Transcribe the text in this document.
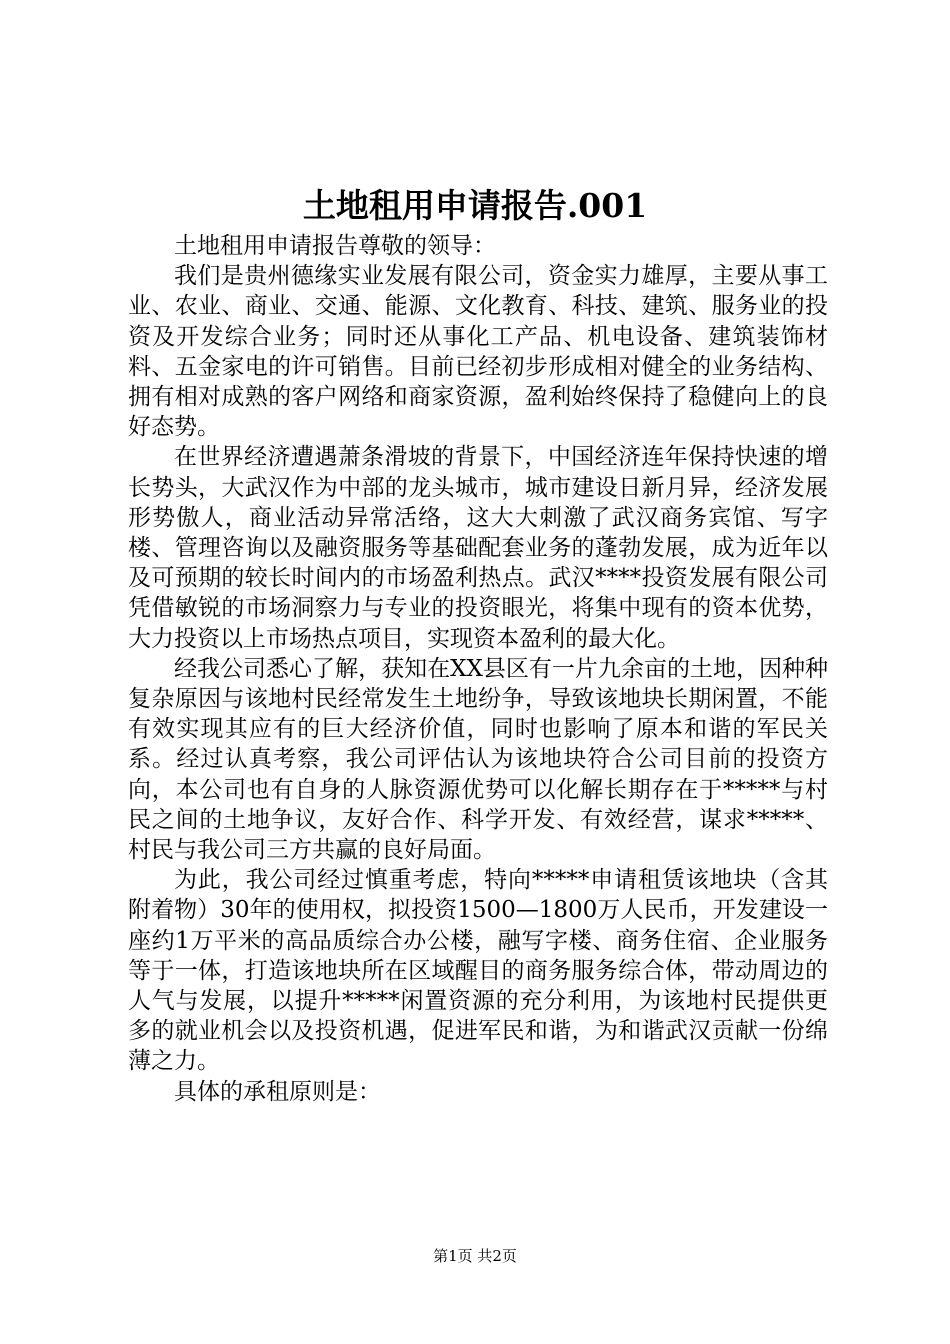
土地租用申请报告.001

土地租用申请报告尊敬的领导：

我们是贵州德缘实业发展有限公司，资金实力雄厚，主要从事工业、农业、商业、交通、能源、文化教育、科技、建筑、服务业的投资及开发综合业务；同时还从事化工产品、机电设备、建筑装饰材料、五金家电的许可销售。目前已经初步形成相对健全的业务结构、拥有相对成熟的客户网络和商家资源，盈利始终保持了稳健向上的良好态势。

在世界经济遭遇萧条滑坡的背景下，中国经济连年保持快速的增长势头，大武汉作为中部的龙头城市，城市建设日新月异，经济发展形势傲人，商业活动异常活络，这大大刺激了武汉商务宾馆、写字楼、管理咨询以及融资服务等基础配套业务的蓬勃发展，成为近年以及可预期的较长时间内的市场盈利热点。武汉****投资发展有限公司凭借敏锐的市场洞察力与专业的投资眼光，将集中现有的资本优势，大力投资以上市场热点项目，实现资本盈利的最大化。

经我公司悉心了解，获知在XX县区有一片九余亩的土地，因种种复杂原因与该地村民经常发生土地纷争，导致该地块长期闲置，不能有效实现其应有的巨大经济价值，同时也影响了原本和谐的军民关系。经过认真考察，我公司评估认为该地块符合公司目前的投资方向，本公司也有自身的人脉资源优势可以化解长期存在于*****与村民之间的土地争议，友好合作、科学开发、有效经营，谋求*****、村民与我公司三方共赢的良好局面。

为此，我公司经过慎重考虑，特向*****申请租赁该地块（含其附着物）30年的使用权，拟投资1500—1800万人民币，开发建设一座约1万平米的高品质综合办公楼，融写字楼、商务住宿、企业服务等于一体，打造该地块所在区域醒目的商务服务综合体，带动周边的人气与发展，以提升*****闲置资源的充分利用，为该地村民提供更多的就业机会以及投资机遇，促进军民和谐，为和谐武汉贡献一份绵薄之力。

具体的承租原则是：

第1页 共2页
